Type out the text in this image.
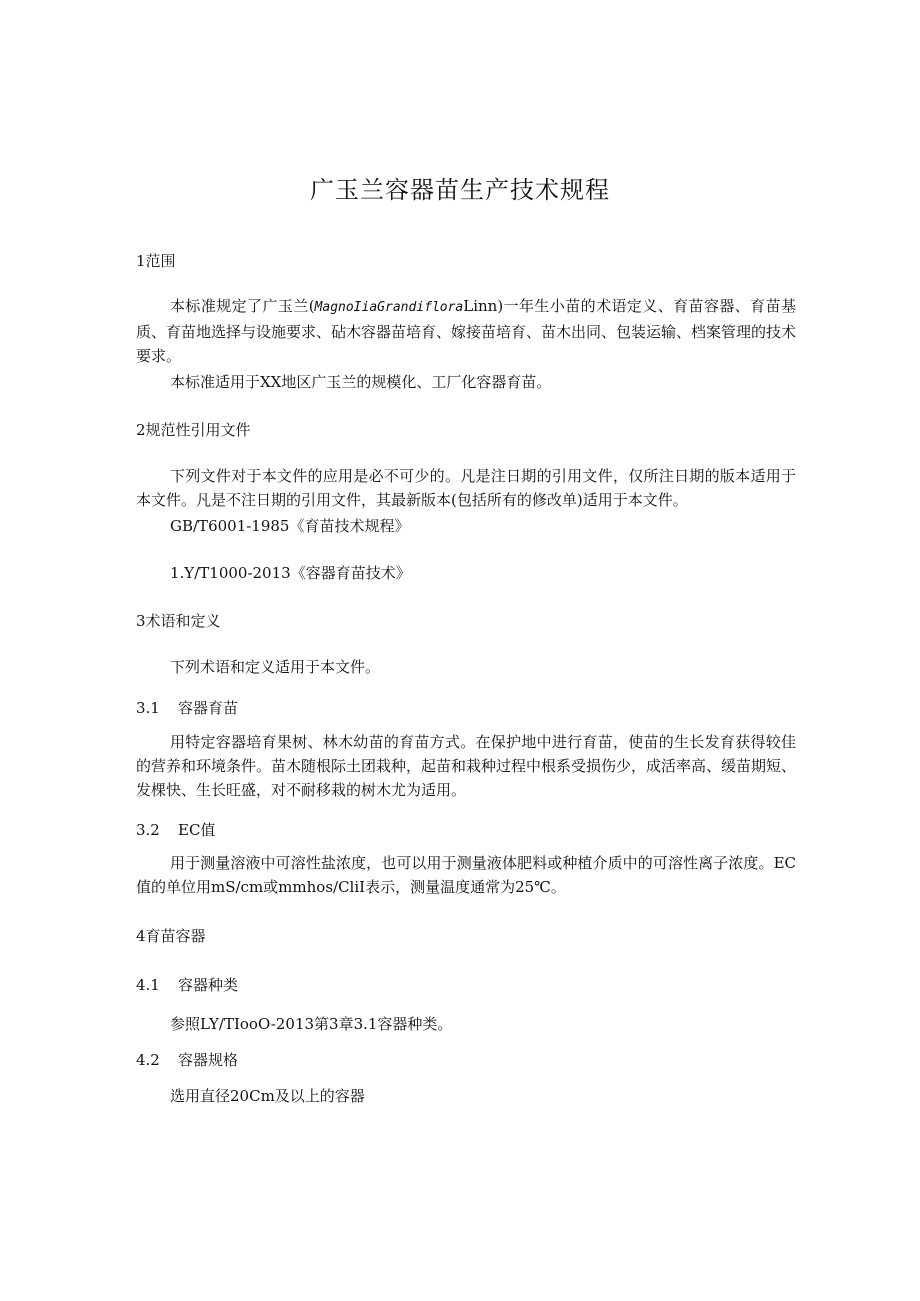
广玉兰容器苗生产技术规程
1范围

本标准规定了广玉兰(MagnoIiaGrandifloraLinn)一年生小苗的术语定义、育苗容器、育苗基质、育苗地选择与设施要求、砧木容器苗培育、嫁接苗培育、苗木出同、包装运输、档案管理的技术要求。

本标准适用于XX地区广玉兰的规模化、工厂化容器育苗。

2规范性引用文件

下列文件对于本文件的应用是必不可少的。凡是注日期的引用文件，仅所注日期的版本适用于本文件。凡是不注日期的引用文件，其最新版本(包括所有的修改单)适用于本文件。

GB/T6001-1985《育苗技术规程》
1.Y/T1000-2013《容器育苗技术》
3术语和定义
下列术语和定义适用于本文件。
3.1 容器育苗

用特定容器培育果树、林木幼苗的育苗方式。在保护地中进行育苗，使苗的生长发育获得较佳的营养和环境条件。苗木随根际土团栽种，起苗和栽种过程中根系受损伤少，成活率高、缓苗期短、发棵快、生长旺盛，对不耐移栽的树木尤为适用。

3.2 EC值

用于测量溶液中可溶性盐浓度，也可以用于测量液体肥料或种植介质中的可溶性离子浓度。EC值的单位用mS/cm或mmhos∕CliI表示，测量温度通常为25℃。

4育苗容器
4.1 容器种类
参照LY/TIooO-2013第3章3.1容器种类。
4.2 容器规格
选用直径20Cm及以上的容器
